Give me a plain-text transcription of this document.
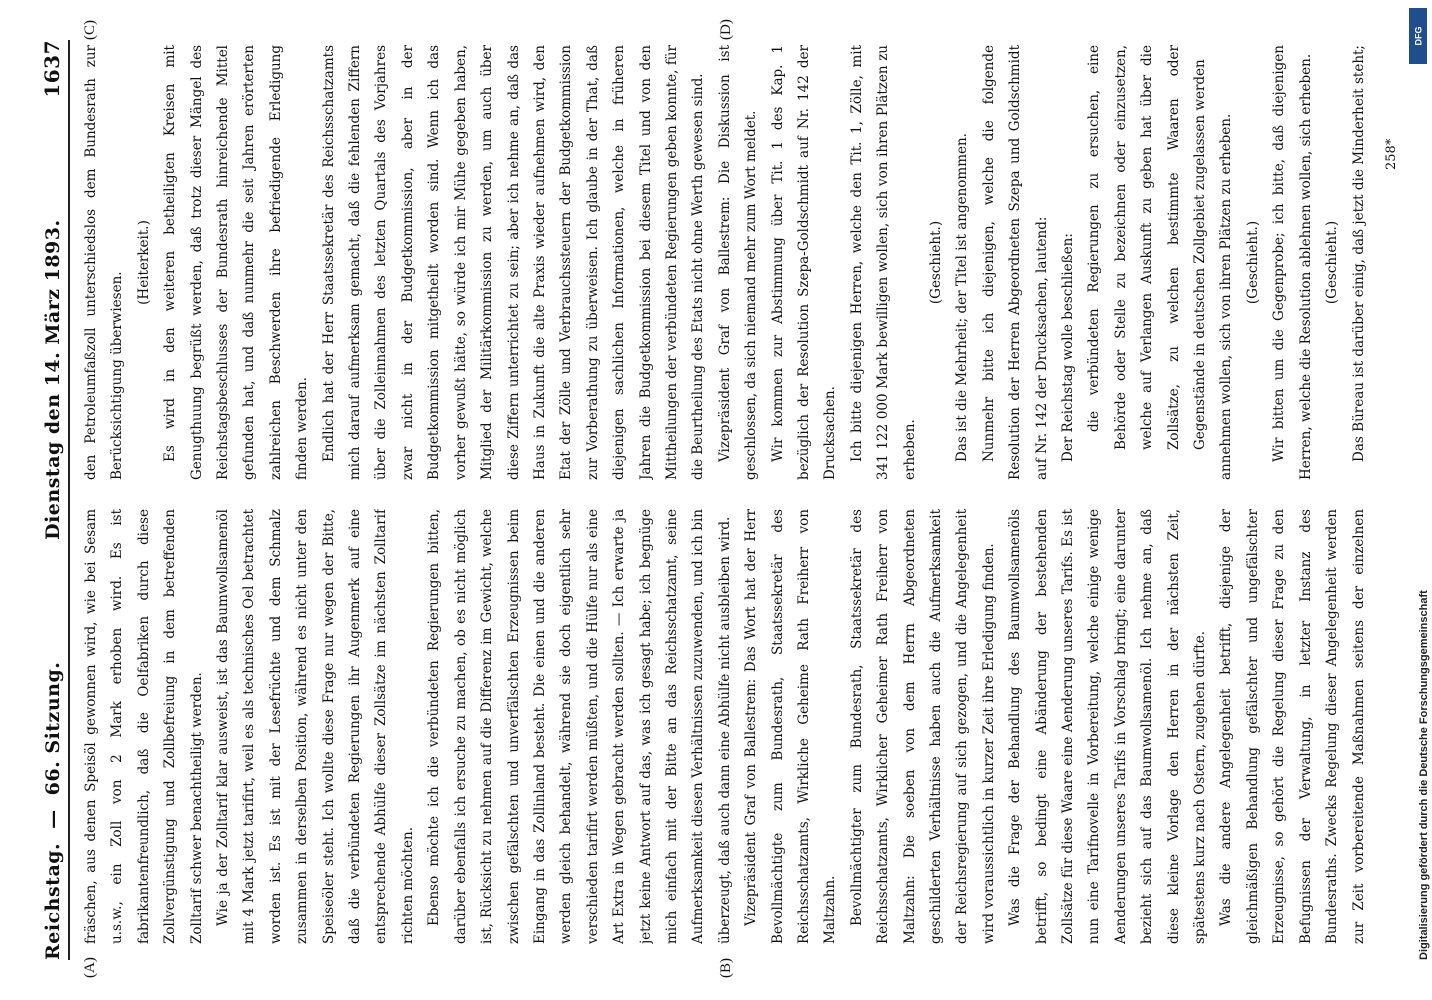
Reichstag.
—
66. Sitzung.
Dienstag den 14. März 1893.
1637
(A)	(B)
(C)	(D)

fräschen, aus denen Speisöl gewonnen wird, wie bei Sesam u.s.w., ein Zoll von 2 Mark erhoben wird. Es ist fabrikantenfreundlich, daß die Oelfabriken durch diese Zollvergünstigung und Zollbefreiung in dem betreffenden Zolltarif schwer benachtheiligt werden. Wie ja der Zolltarif klar ausweist, ist das Baumwollsamenöl mit 4 Mark jetzt tarifirt, weil es als technisches Oel betrachtet worden ist. Es ist mit der Lesefrüchte und dem Schmalz zusammen in derselben Position, während es nicht unter den Speiseöler steht. Ich wollte diese Frage nur wegen der Bitte, daß die verbündeten Regierungen ihr Augenmerk auf eine entsprechende Abhülfe dieser Zollsätze im nächsten Zolltarif richten möchten. Ebenso möchte ich die verbündeten Regierungen bitten, darüber ebenfalls ich ersuche zu machen, ob es nicht möglich ist, Rücksicht zu nehmen auf die Differenz im Gewicht, welche zwischen gefälschten und unverfälschten Erzeugnissen beim Eingang in das Zollinland besteht. Die einen und die anderen werden gleich behandelt, während sie doch eigentlich sehr verschieden tarifirt werden müßten, und die Hülfe nur als eine Art Extra in Wegen gebracht werden sollten. — Ich erwarte ja jetzt keine Antwort auf das, was ich gesagt habe; ich begnüge mich einfach mit der Bitte an das Reichsschatzamt, seine Aufmerksamkeit diesen Verhältnissen zuzuwenden, und ich bin überzeugt, daß auch dann eine Abhülfe nicht ausbleiben wird. Vizepräsident Graf von Ballestrem: Das Wort hat der Herr Bevollmächtigte zum Bundesrath, Staatssekretär des Reichsschatzamts, Wirkliche Geheime Rath Freiherr von Maltzahn. Bevollmächtigter zum Bundesrath, Staatssekretär des Reichsschatzamts, Wirklicher Geheimer Rath Freiherr von Maltzahn: Die soeben von dem Herrn Abgeordneten geschilderten Verhältnisse haben auch die Aufmerksamkeit der Reichsregierung auf sich gezogen, und die Angelegenheit wird voraussichtlich in kurzer Zeit ihre Erledigung finden. Was die Frage der Behandlung des Baumwollsamenöls betrifft, so bedingt eine Abänderung der bestehenden Zollsätze für diese Waare eine Aenderung unseres Tarifs. Es ist nun eine Tarifnovelle in Vorbereitung, welche einige wenige Aenderungen unseres Tarifs in Vorschlag bringt; eine darunter bezieht sich auf das Baumwollsamenöl. Ich nehme an, daß diese kleine Vorlage den Herren in der nächsten Zeit, spätestens kurz nach Ostern, zugehen dürfte. Was die andere Angelegenheit betrifft, diejenige der gleichmäßigen Behandlung gefälschter und ungefälschter Erzeugnisse, so gehört die Regelung dieser Frage zu den Befugnissen der Verwaltung, in letzter Instanz des Bundesraths. Zwecks Regelung dieser Angelegenheit werden zur Zeit vorbereitende Maßnahmen seitens der einzelnen

den Petroleumfaßzoll unterschiedslos dem Bundesrath zur Berücksichtigung überwiesen.

(Heiterkeit.) Es wird in den weiteren betheiligten Kreisen mit Genugthuung begrüßt werden, daß trotz dieser Mängel des Reichstagsbeschlusses der Bundesrath hinreichende Mittel gefunden hat, und daß nunmehr die seit Jahren erörterten zahlreichen Beschwerden ihre befriedigende Erledigung finden werden. Endlich hat der Herr Staatssekretär des Reichsschatzamts mich darauf aufmerksam gemacht, daß die fehlenden Ziffern über die Zolleinnahmen des letzten Quartals des Vorjahres zwar nicht in der Budgetkommission, aber in der Budgetkommission mitgetheilt worden sind. Wenn ich das vorher gewußt hätte, so würde ich mir Mühe gegeben haben, Mitglied der Militärkommission zu werden, um auch über diese Ziffern unterrichtet zu sein; aber ich nehme an, daß das Haus in Zukunft die alte Praxis wieder aufnehmen wird, den Etat der Zölle und Verbrauchssteuern der Budgetkommission zur Vorberathung zu überweisen. Ich glaube in der That, daß diejenigen sachlichen Informationen, welche in früheren Jahren die Budgetkommission bei diesem Titel und von den Mittheilungen der verbündeten Regierungen geben konnte, für die Beurtheilung des Etats nicht ohne Werth gewesen sind. Vizepräsident Graf von Ballestrem: Die Diskussion ist geschlossen, da sich niemand mehr zum Wort meldet. Wir kommen zur Abstimmung über Tit. 1 des Kap. 1 bezüglich der Resolution Szepa-Goldschmidt auf Nr. 142 der Drucksachen. Ich bitte diejenigen Herren, welche den Tit. 1, Zölle, mit 341 122 000 Mark bewilligen wollen, sich von ihren Plätzen zu erheben.

(Geschieht.) Das ist die Mehrheit; der Titel ist angenommen. Nunmehr bitte ich diejenigen, welche die folgende Resolution der Herren Abgeordneten Szepa und Goldschmidt auf Nr. 142 der Drucksachen, lautend: Der Reichstag wolle beschließen: die verbündeten Regierungen zu ersuchen, eine Behörde oder Stelle zu bezeichnen oder einzusetzen, welche auf Verlangen Auskunft zu geben hat über die Zollsätze, zu welchen bestimmte Waaren oder Gegenstände in deutschen Zollgebiet zugelassen werden annehmen wollen, sich von ihren Plätzen zu erheben. (Geschieht.) Wir bitten um die Gegenprobe; ich bitte, daß diejenigen Herren, welche die Resolution ablehnen wollen, sich erheben. (Geschieht.)

Das Büreau ist darüber einig, daß jetzt die Minderheit steht;

258*
DFG
Digitalisierung gefördert durch die Deutsche Forschungsgemeinschaft
